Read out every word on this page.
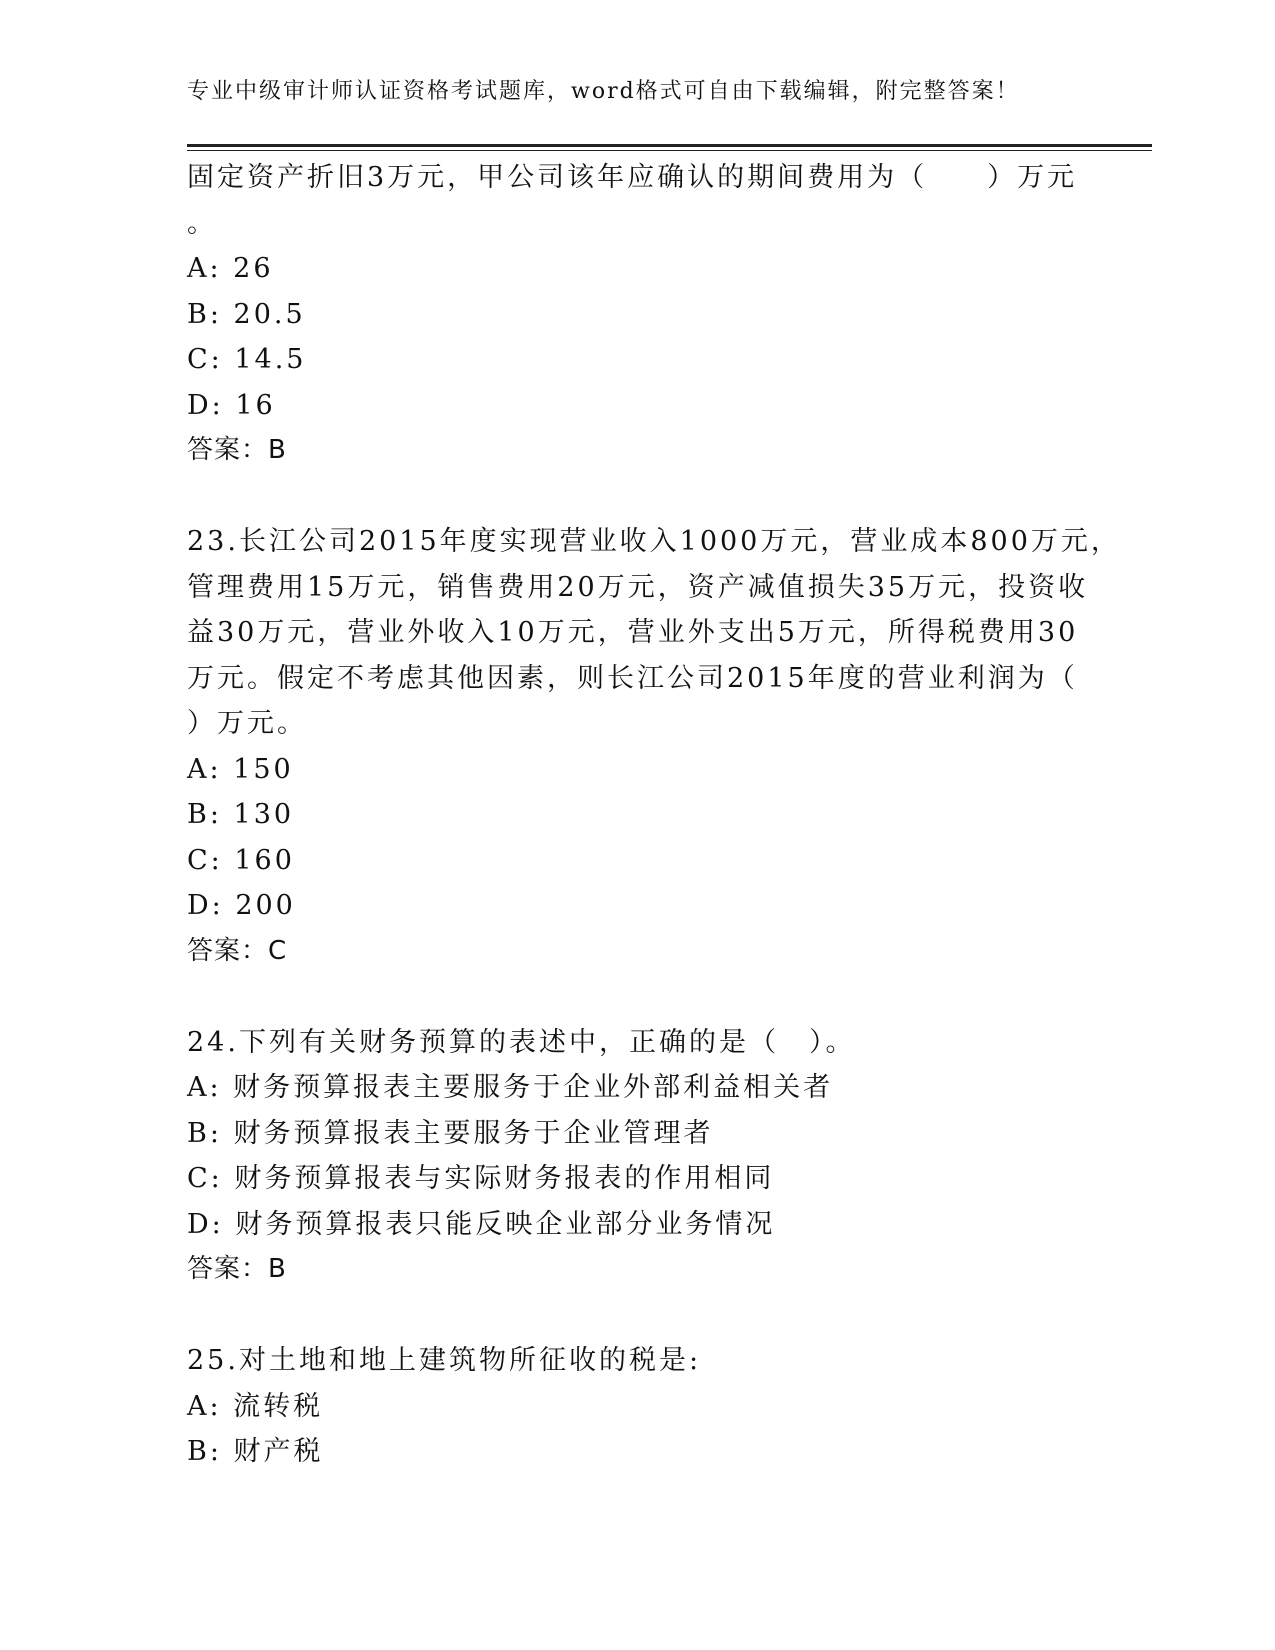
专业中级审计师认证资格考试题库，word格式可自由下载编辑，附完整答案！
固定资产折旧3万元，甲公司该年应确认的期间费用为（　　）万元
。
A: 26
B: 20.5
C: 14.5
D: 16
答案：B
23.长江公司2015年度实现营业收入1000万元，营业成本800万元，
管理费用15万元，销售费用20万元，资产减值损失35万元，投资收
益30万元，营业外收入10万元，营业外支出5万元，所得税费用30
万元。假定不考虑其他因素，则长江公司2015年度的营业利润为（
）万元。
A: 150
B: 130
C: 160
D: 200
答案：C
24.下列有关财务预算的表述中，正确的是（　）。
A: 财务预算报表主要服务于企业外部利益相关者
B: 财务预算报表主要服务于企业管理者
C: 财务预算报表与实际财务报表的作用相同
D: 财务预算报表只能反映企业部分业务情况
答案：B
25.对土地和地上建筑物所征收的税是:
A: 流转税
B: 财产税
